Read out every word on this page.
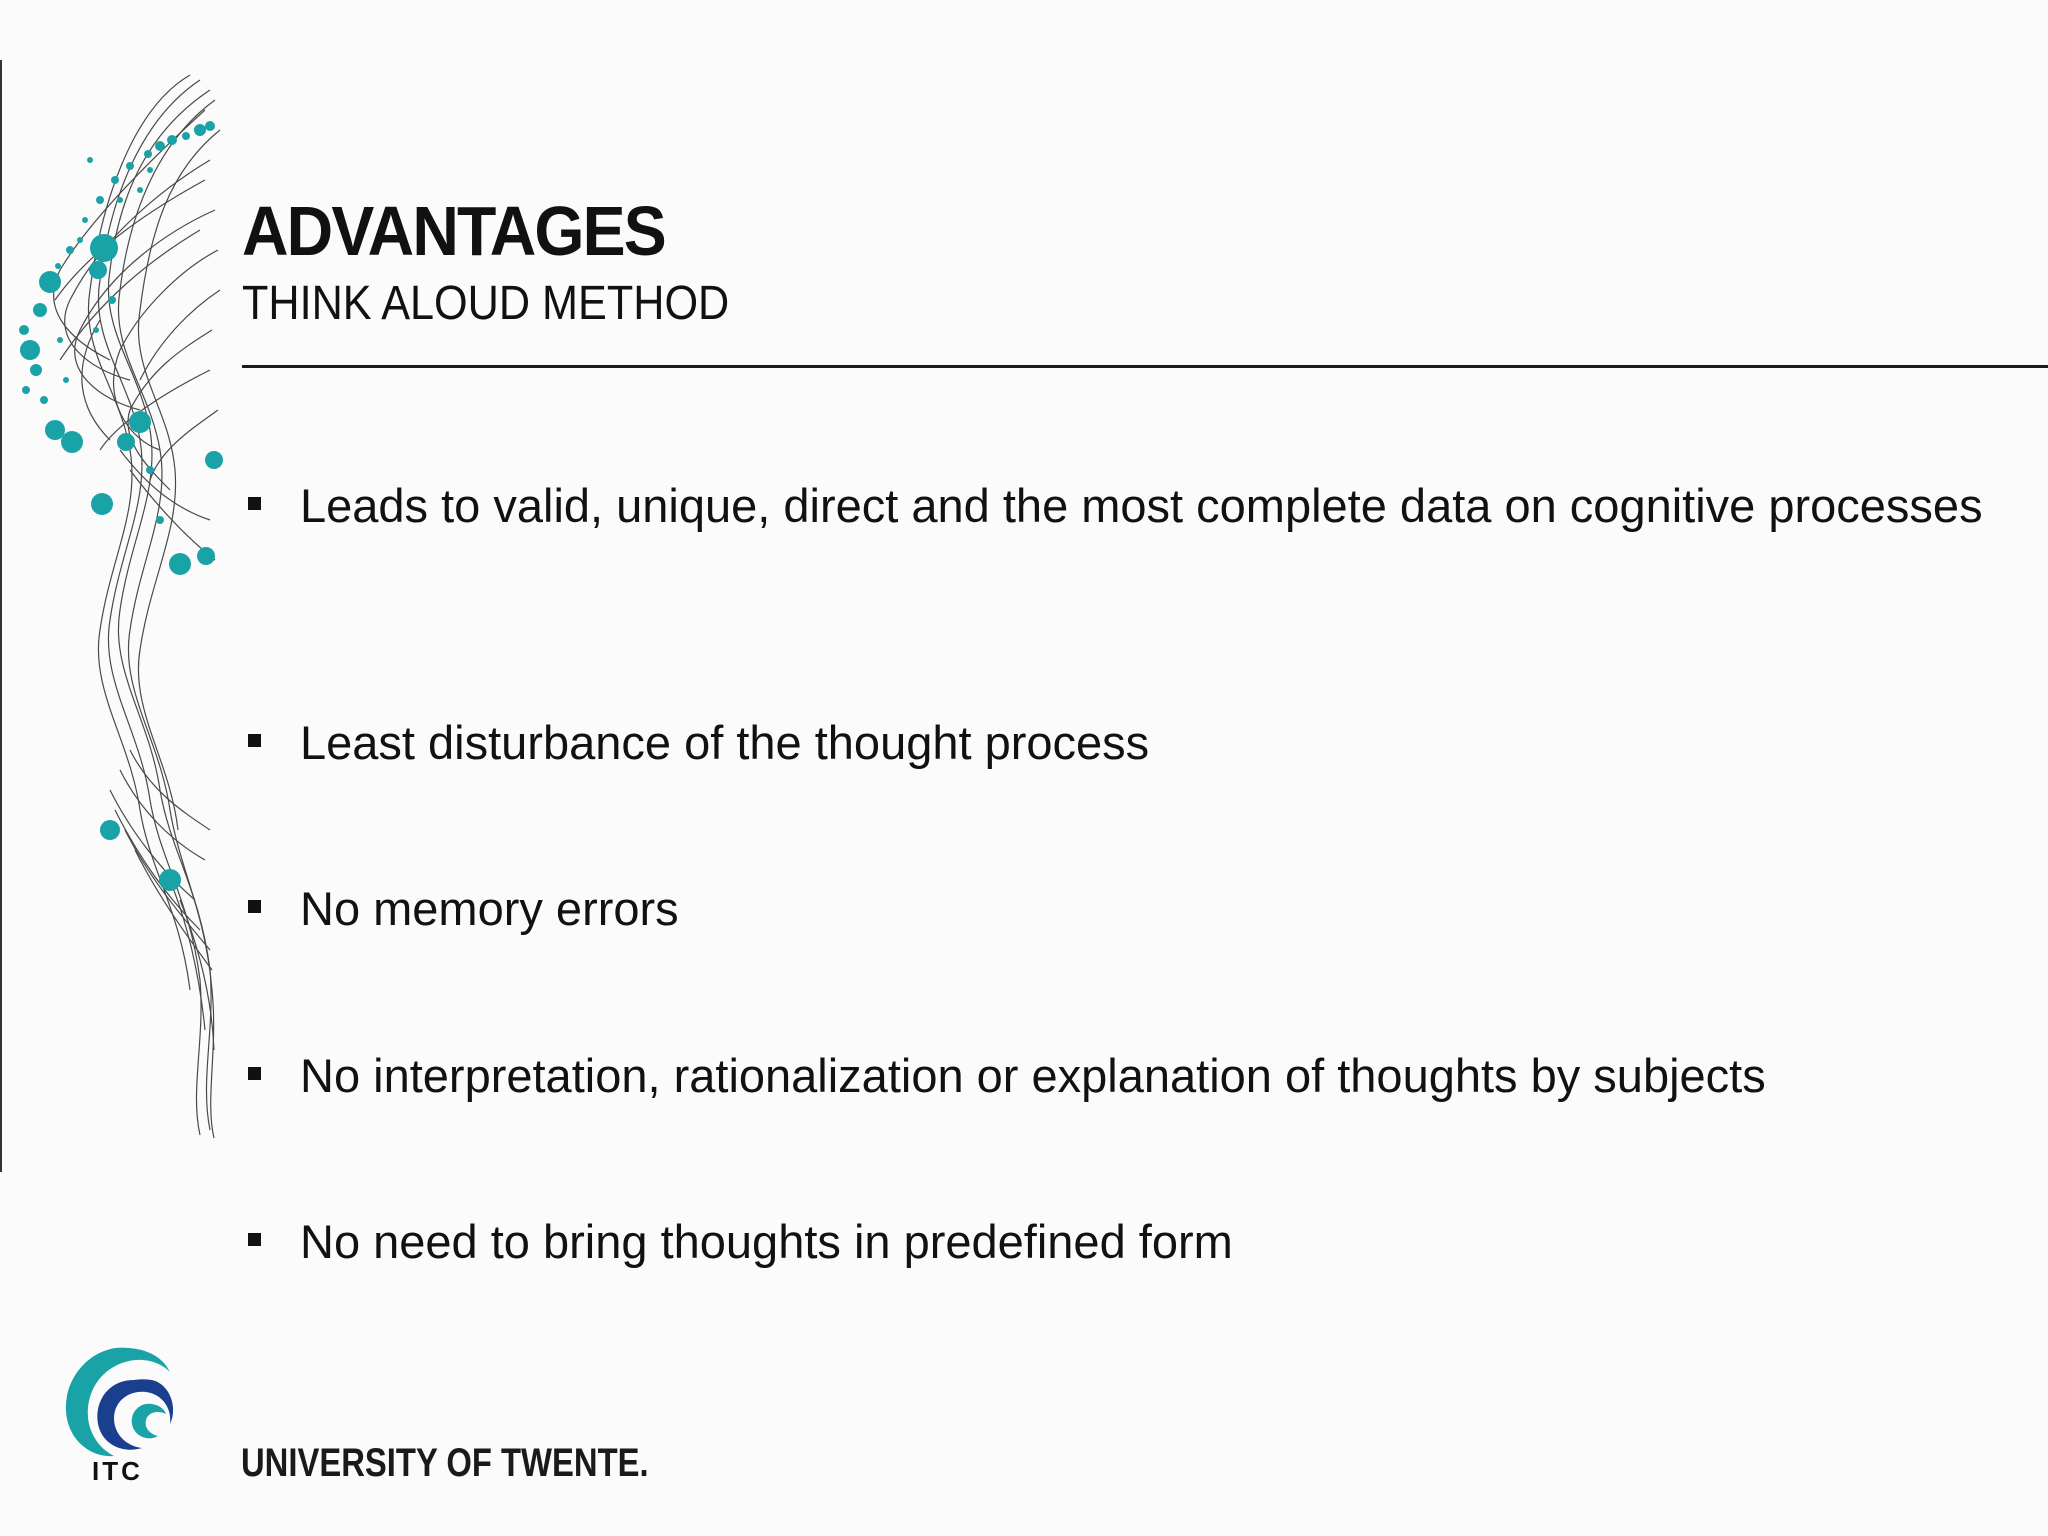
ADVANTAGES
THINK ALOUD METHOD
Leads to valid, unique, direct and the most complete data on cognitive processes
Least disturbance of the thought process
No memory errors
No interpretation, rationalization or explanation of thoughts by subjects
No need to bring thoughts in predefined form
ITC UNIVERSITY OF TWENTE.
